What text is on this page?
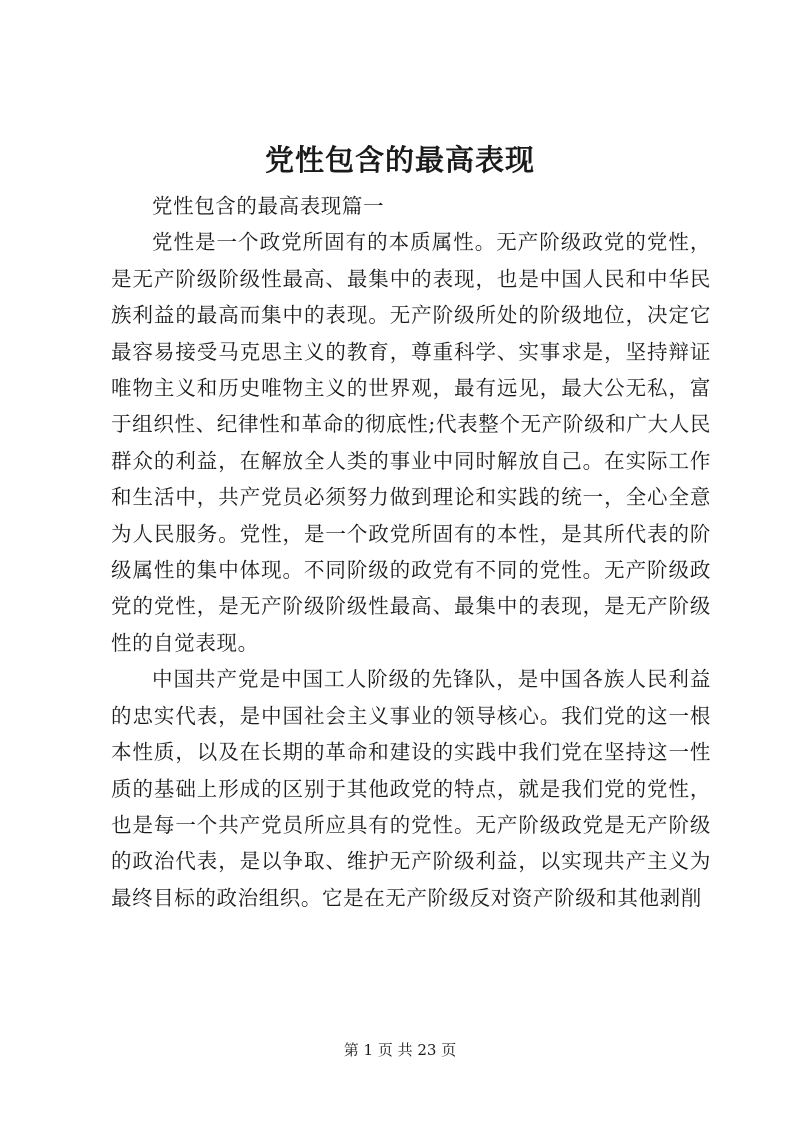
党性包含的最高表现

党性包含的最高表现篇一

党性是一个政党所固有的本质属性。无产阶级政党的党性，是无产阶级阶级性最高、最集中的表现，也是中国人民和中华民族利益的最高而集中的表现。无产阶级所处的阶级地位，决定它最容易接受马克思主义的教育，尊重科学、实事求是，坚持辩证唯物主义和历史唯物主义的世界观，最有远见，最大公无私，富于组织性、纪律性和革命的彻底性;代表整个无产阶级和广大人民群众的利益，在解放全人类的事业中同时解放自己。在实际工作和生活中，共产党员必须努力做到理论和实践的统一，全心全意为人民服务。党性，是一个政党所固有的本性，是其所代表的阶级属性的集中体现。不同阶级的政党有不同的党性。无产阶级政党的党性，是无产阶级阶级性最高、最集中的表现，是无产阶级性的自觉表现。

中国共产党是中国工人阶级的先锋队，是中国各族人民利益的忠实代表，是中国社会主义事业的领导核心。我们党的这一根本性质，以及在长期的革命和建设的实践中我们党在坚持这一性质的基础上形成的区别于其他政党的特点，就是我们党的党性，也是每一个共产党员所应具有的党性。无产阶级政党是无产阶级的政治代表，是以争取、维护无产阶级利益，以实现共产主义为最终目标的政治组织。它是在无产阶级反对资产阶级和其他剥削

第 1 页 共 23 页
